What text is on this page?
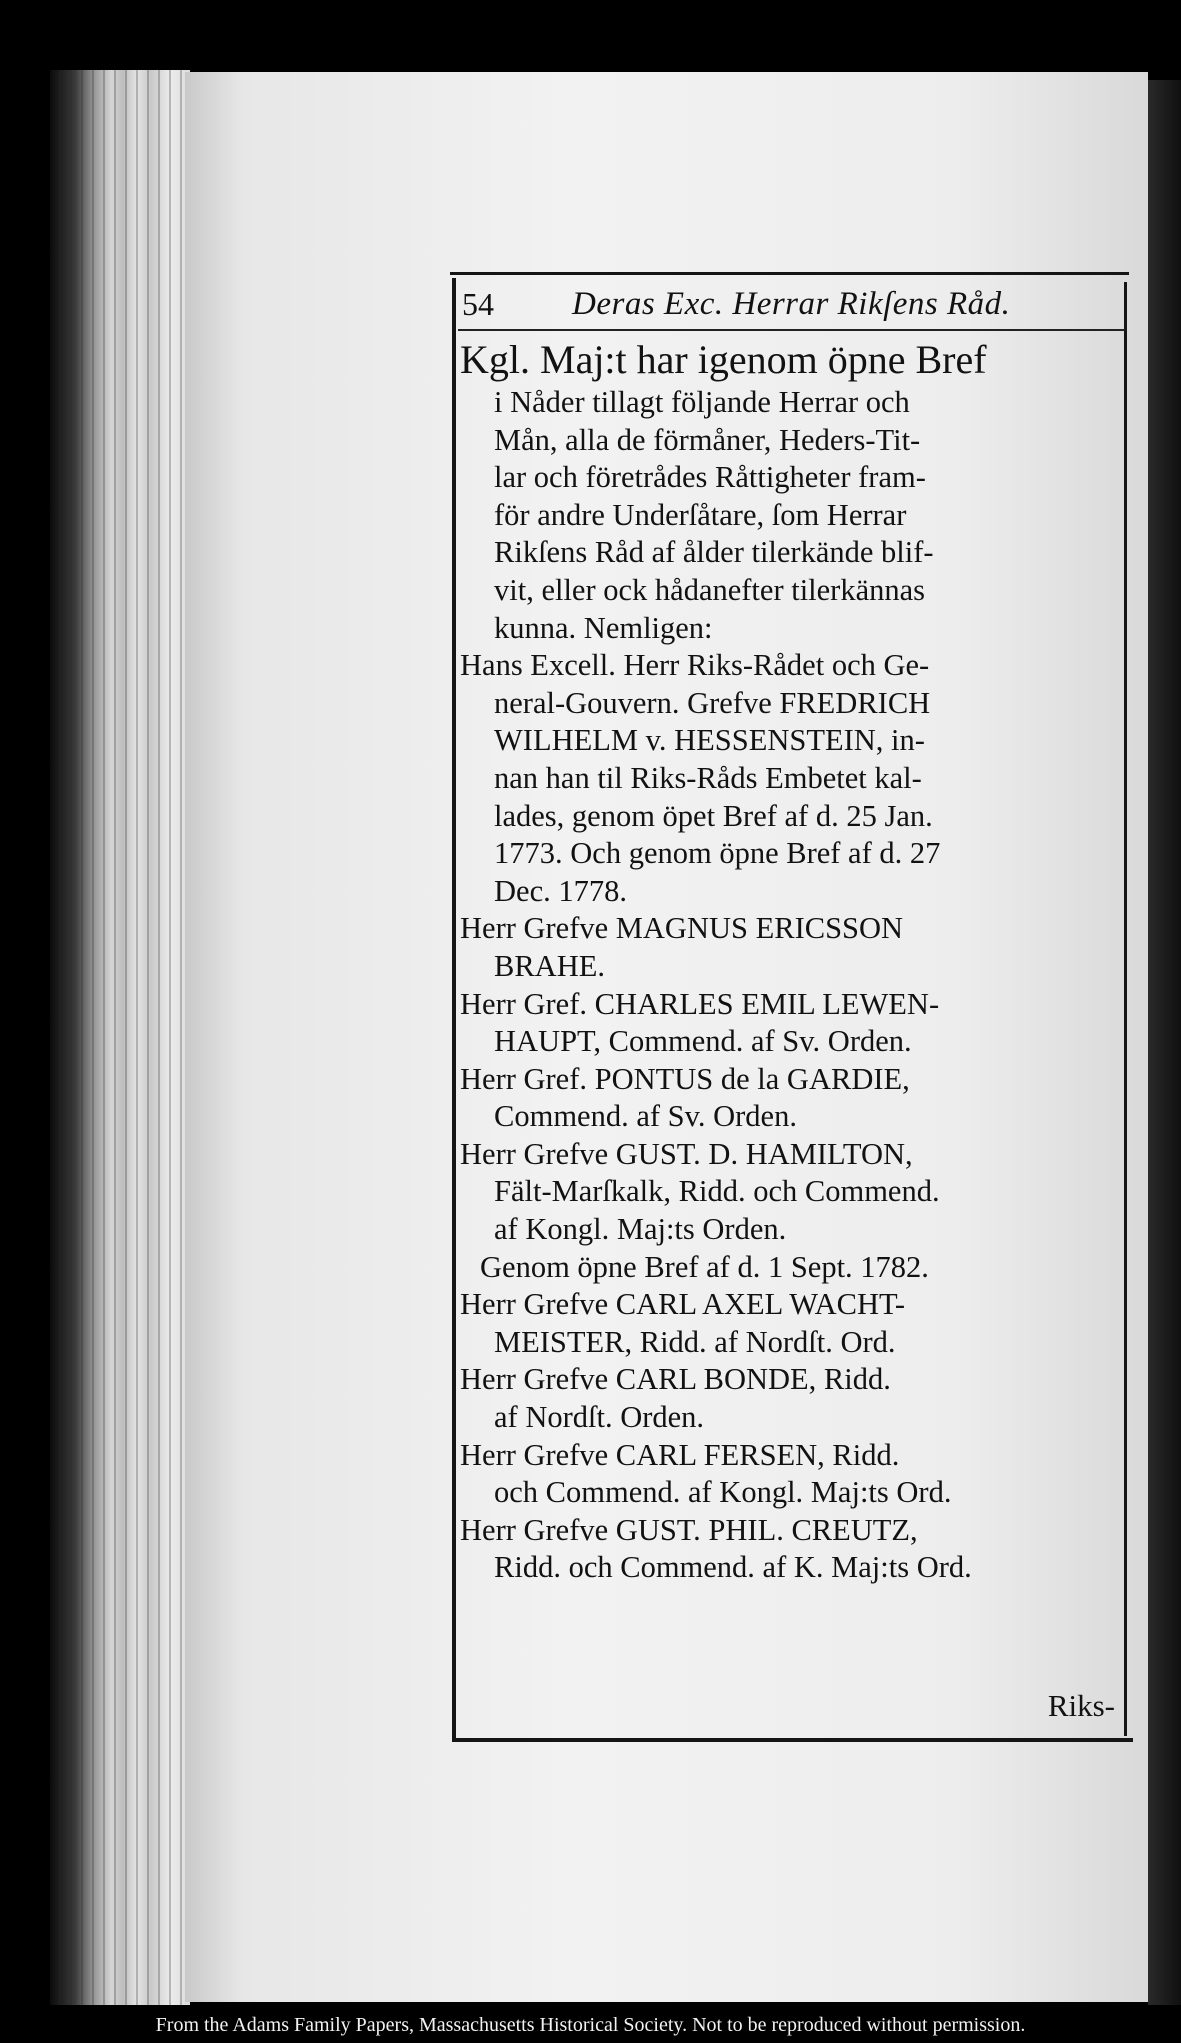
54 Deras Exc. Herrar Rikſens Råd.
Kgl. Maj:t har igenom öpne Bref
i Nåder tillagt följande Herrar och
Mån, alla de förmåner, Heders-Tit-
lar och företrådes Råttigheter fram-
för andre Underſåtare, ſom Herrar
Rikſens Råd af ålder tilerkände blif-
vit, eller ock hådanefter tilerkännas
kunna. Nemligen:
Hans Excell. Herr Riks-Rådet och Ge-
neral-Gouvern. Grefve FREDRICH
WILHELM v. HESSENSTEIN, in-
nan han til Riks-Råds Embetet kal-
lades, genom öpet Bref af d. 25 Jan.
1773. Och genom öpne Bref af d. 27
Dec. 1778.
Herr Grefve MAGNUS ERICSSON
BRAHE.
Herr Gref. CHARLES EMIL LEWEN-
HAUPT, Commend. af Sv. Orden.
Herr Gref. PONTUS de la GARDIE,
Commend. af Sv. Orden.
Herr Grefve GUST. D. HAMILTON,
Fält-Marſkalk, Ridd. och Commend.
af Kongl. Maj:ts Orden.
Genom öpne Bref af d. 1 Sept. 1782.
Herr Grefve CARL AXEL WACHT-
MEISTER, Ridd. af Nordſt. Ord.
Herr Grefve CARL BONDE, Ridd.
af Nordſt. Orden.
Herr Grefve CARL FERSEN, Ridd.
och Commend. af Kongl. Maj:ts Ord.
Herr Grefve GUST. PHIL. CREUTZ,
Ridd. och Commend. af K. Maj:ts Ord.
Riks-
From the Adams Family Papers, Massachusetts Historical Society. Not to be reproduced without permission.
